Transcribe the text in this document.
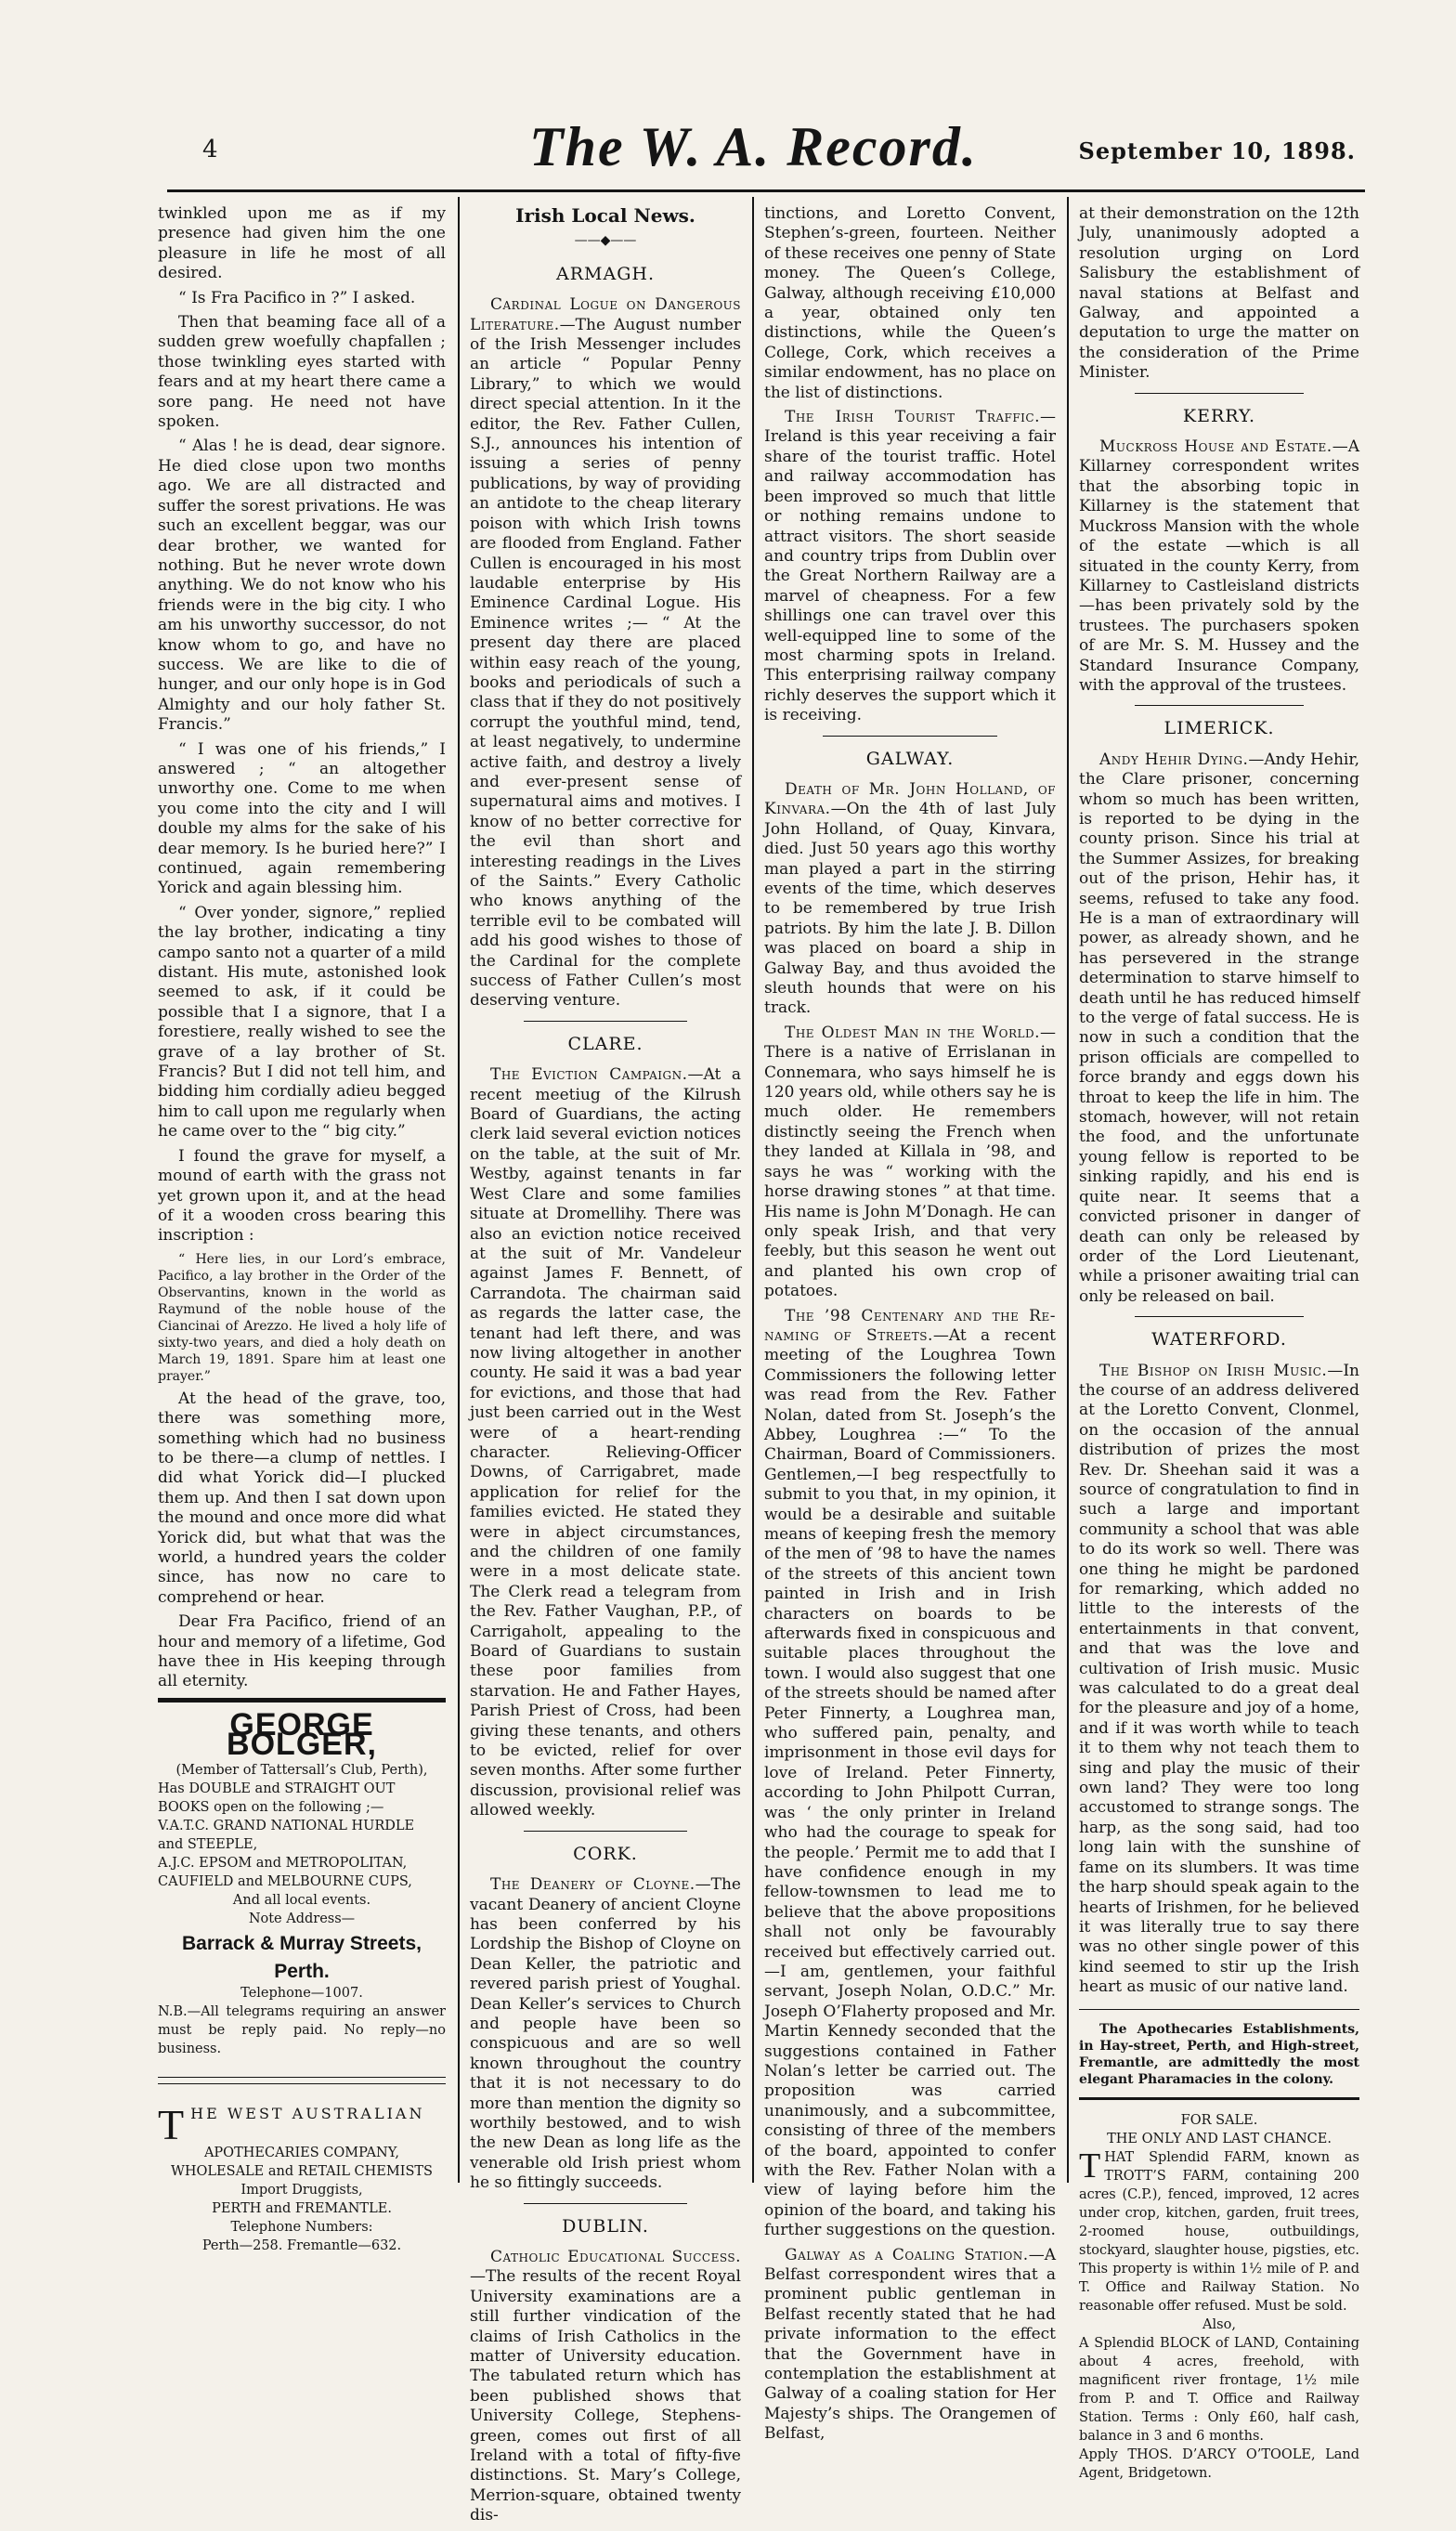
4	The W. A. Record.	September 10, 1898.

twinkled upon me as if my presence had given him the one pleasure in life he most of all desired.

“ Is Fra Pacifico in ?” I asked.

Then that beaming face all of a sudden grew woefully chapfallen ; those twinkling eyes started with fears and at my heart there came a sore pang. He need not have spoken.

“ Alas ! he is dead, dear signore. He died close upon two months ago. We are all distracted and suffer the sorest privations. He was such an excellent beggar, was our dear brother, we wanted for nothing. But he never wrote down anything. We do not know who his friends were in the big city. I who am his unworthy successor, do not know whom to go, and have no success. We are like to die of hunger, and our only hope is in God Almighty and our holy father St. Francis.”

“ I was one of his friends,” I answered ; “ an altogether unworthy one. Come to me when you come into the city and I will double my alms for the sake of his dear memory. Is he buried here?” I continued, again remembering Yorick and again blessing him.

“ Over yonder, signore,” replied the lay brother, indicating a tiny campo santo not a quarter of a mild distant. His mute, astonished look seemed to ask, if it could be possible that I a signore, that I a forestiere, really wished to see the grave of a lay brother of St. Francis? But I did not tell him, and bidding him cordially adieu begged him to call upon me regularly when he came over to the “ big city.”

I found the grave for myself, a mound of earth with the grass not yet grown upon it, and at the head of it a wooden cross bearing this inscription :

“ Here lies, in our Lord’s embrace, Pacifico, a lay brother in the Order of the Observantins, known in the world as Raymund of the noble house of the Ciancinai of Arezzo. He lived a holy life of sixty-two years, and died a holy death on March 19, 1891. Spare him at least one prayer.”

At the head of the grave, too, there was something more, something which had no business to be there—a clump of nettles. I did what Yorick did—I plucked them up. And then I sat down upon the mound and once more did what Yorick did, but what that was the world, a hundred years the colder since, has now no care to comprehend or hear.

Dear Fra Pacifico, friend of an hour and memory of a lifetime, God have thee in His keeping through all eternity.

GEORGE BOLGER,
(Member of Tattersall’s Club, Perth),
Has DOUBLE and STRAIGHT OUT
BOOKS open on the following ;—
V.A.T.C. GRAND NATIONAL HURDLE
and STEEPLE,
A.J.C. EPSOM and METROPOLITAN,
CAUFIELD and MELBOURNE CUPS,
And all local events.
Note Address—
Barrack & Murray Streets,
Perth.
Telephone—1007.
N.B.—All telegrams requiring an answer must be reply paid. No reply—no business.
THE WEST AUSTRALIAN
APOTHECARIES COMPANY,
WHOLESALE and RETAIL CHEMISTS
Import Druggists,
PERTH and FREMANTLE.
Telephone Numbers:
Perth—258. Fremantle—632.
Irish Local News.
——◆——
ARMAGH.

Cardinal Logue on Dangerous Literature.—The August number of the Irish Messenger includes an article “ Popular Penny Library,” to which we would direct special attention. In it the editor, the Rev. Father Cullen, S.J., announces his intention of issuing a series of penny publications, by way of providing an antidote to the cheap literary poison with which Irish towns are flooded from England. Father Cullen is encouraged in his most laudable enterprise by His Eminence Cardinal Logue. His Eminence writes ;— “ At the present day there are placed within easy reach of the young, books and periodicals of such a class that if they do not positively corrupt the youthful mind, tend, at least negatively, to undermine active faith, and destroy a lively and ever-present sense of supernatural aims and motives. I know of no better corrective for the evil than short and interesting readings in the Lives of the Saints.” Every Catholic who knows anything of the terrible evil to be combated will add his good wishes to those of the Cardinal for the complete success of Father Cullen’s most deserving venture.

CLARE.

The Eviction Campaign.—At a recent meetiug of the Kilrush Board of Guardians, the acting clerk laid several eviction notices on the table, at the suit of Mr. Westby, against tenants in far West Clare and some families situate at Dromellihy. There was also an eviction notice received at the suit of Mr. Vandeleur against James F. Bennett, of Carrandota. The chairman said as regards the latter case, the tenant had left there, and was now living altogether in another county. He said it was a bad year for evictions, and those that had just been carried out in the West were of a heart-rending character. Relieving-Officer Downs, of Carrigabret, made application for relief for the families evicted. He stated they were in abject circumstances, and the children of one family were in a most delicate state. The Clerk read a telegram from the Rev. Father Vaughan, P.P., of Carrigaholt, appealing to the Board of Guardians to sustain these poor families from starvation. He and Father Hayes, Parish Priest of Cross, had been giving these tenants, and others to be evicted, relief for over seven months. After some further discussion, provisional relief was allowed weekly.

CORK.

The Deanery of Cloyne.—The vacant Deanery of ancient Cloyne has been conferred by his Lordship the Bishop of Cloyne on Dean Keller, the patriotic and revered parish priest of Youghal. Dean Keller’s services to Church and people have been so conspicuous and are so well known throughout the country that it is not necessary to do more than mention the dignity so worthily bestowed, and to wish the new Dean as long life as the venerable old Irish priest whom he so fittingly succeeds.

DUBLIN.

Catholic Educational Success.—The results of the recent Royal University examinations are a still further vindication of the claims of Irish Catholics in the matter of University education. The tabulated return which has been published shows that University College, Stephens-green, comes out first of all Ireland with a total of fifty-five distinctions. St. Mary’s College, Merrion-square, obtained twenty dis-

tinctions, and Loretto Convent, Stephen’s-green, fourteen. Neither of these receives one penny of State money. The Queen’s College, Galway, although receiving £10,000 a year, obtained only ten distinctions, while the Queen’s College, Cork, which receives a similar endowment, has no place on the list of distinctions.

The Irish Tourist Traffic.—Ireland is this year receiving a fair share of the tourist traffic. Hotel and railway accommodation has been improved so much that little or nothing remains undone to attract visitors. The short seaside and country trips from Dublin over the Great Northern Railway are a marvel of cheapness. For a few shillings one can travel over this well-equipped line to some of the most charming spots in Ireland. This enterprising railway company richly deserves the support which it is receiving.

GALWAY.

Death of Mr. John Holland, of Kinvara.—On the 4th of last July John Holland, of Quay, Kinvara, died. Just 50 years ago this worthy man played a part in the stirring events of the time, which deserves to be remembered by true Irish patriots. By him the late J. B. Dillon was placed on board a ship in Galway Bay, and thus avoided the sleuth hounds that were on his track.

The Oldest Man in the World.—There is a native of Errislanan in Connemara, who says himself he is 120 years old, while others say he is much older. He remembers distinctly seeing the French when they landed at Killala in ’98, and says he was “ working with the horse drawing stones ” at that time. His name is John M’Donagh. He can only speak Irish, and that very feebly, but this season he went out and planted his own crop of potatoes.

The ’98 Centenary and the Re-naming of Streets.—At a recent meeting of the Loughrea Town Commissioners the following letter was read from the Rev. Father Nolan, dated from St. Joseph’s the Abbey, Loughrea :—“ To the Chairman, Board of Commissioners. Gentlemen,—I beg respectfully to submit to you that, in my opinion, it would be a desirable and suitable means of keeping fresh the memory of the men of ’98 to have the names of the streets of this ancient town painted in Irish and in Irish characters on boards to be afterwards fixed in conspicuous and suitable places throughout the town. I would also suggest that one of the streets should be named after Peter Finnerty, a Loughrea man, who suffered pain, penalty, and imprisonment in those evil days for love of Ireland. Peter Finnerty, according to John Philpott Curran, was ‘ the only printer in Ireland who had the courage to speak for the people.’ Permit me to add that I have confidence enough in my fellow-townsmen to lead me to believe that the above propositions shall not only be favourably received but effectively carried out.—I am, gentlemen, your faithful servant, Joseph Nolan, O.D.C.” Mr. Joseph O’Flaherty proposed and Mr. Martin Kennedy seconded that the suggestions contained in Father Nolan’s letter be carried out. The proposition was carried unanimously, and a subcommittee, consisting of three of the members of the board, appointed to confer with the Rev. Father Nolan with a view of laying before him the opinion of the board, and taking his further suggestions on the question.

Galway as a Coaling Station.—A Belfast correspondent wires that a prominent public gentleman in Belfast recently stated that he had private information to the effect that the Government have in contemplation the establishment at Galway of a coaling station for Her Majesty’s ships. The Orangemen of Belfast,

at their demonstration on the 12th July, unanimously adopted a resolution urging on Lord Salisbury the establishment of naval stations at Belfast and Galway, and appointed a deputation to urge the matter on the consideration of the Prime Minister.

KERRY.

Muckross House and Estate.—A Killarney correspondent writes that the absorbing topic in Killarney is the statement that Muckross Mansion with the whole of the estate —which is all situated in the county Kerry, from Killarney to Castleisland districts—has been privately sold by the trustees. The purchasers spoken of are Mr. S. M. Hussey and the Standard Insurance Company, with the approval of the trustees.

LIMERICK.

Andy Hehir Dying.—Andy Hehir, the Clare prisoner, concerning whom so much has been written, is reported to be dying in the county prison. Since his trial at the Summer Assizes, for breaking out of the prison, Hehir has, it seems, refused to take any food. He is a man of extraordinary will power, as already shown, and he has persevered in the strange determination to starve himself to death until he has reduced himself to the verge of fatal success. He is now in such a condition that the prison officials are compelled to force brandy and eggs down his throat to keep the life in him. The stomach, however, will not retain the food, and the unfortunate young fellow is reported to be sinking rapidly, and his end is quite near. It seems that a convicted prisoner in danger of death can only be released by order of the Lord Lieutenant, while a prisoner awaiting trial can only be released on bail.

WATERFORD.

The Bishop on Irish Music.—In the course of an address delivered at the Loretto Convent, Clonmel, on the occasion of the annual distribution of prizes the most Rev. Dr. Sheehan said it was a source of congratulation to find in such a large and important community a school that was able to do its work so well. There was one thing he might be pardoned for remarking, which added no little to the interests of the entertainments in that convent, and that was the love and cultivation of Irish music. Music was calculated to do a great deal for the pleasure and joy of a home, and if it was worth while to teach it to them why not teach them to sing and play the music of their own land? They were too long accustomed to strange songs. The harp, as the song said, had too long lain with the sunshine of fame on its slumbers. It was time the harp should speak again to the hearts of Irishmen, for he believed it was literally true to say there was no other single power of this kind seemed to stir up the Irish heart as music of our native land.

The Apothecaries Establishments, in Hay-street, Perth, and High-street, Fremantle, are admittedly the most elegant Pharamacies in the colony.

FOR SALE.
THE ONLY AND LAST CHANCE.
THAT Splendid FARM, known as TROTT’S FARM, containing 200 acres (C.P.), fenced, improved, 12 acres under crop, kitchen, garden, fruit trees, 2-roomed house, outbuildings, stockyard, slaughter house, pigsties, etc. This property is within 1½ mile of P. and T. Office and Railway Station. No reasonable offer refused. Must be sold.
Also,
A Splendid BLOCK of LAND, Containing about 4 acres, freehold, with magnificent river frontage, 1½ mile from P. and T. Office and Railway Station. Terms : Only £60, half cash, balance in 3 and 6 months.
Apply THOS. D’ARCY O’TOOLE, Land Agent, Bridgetown.
